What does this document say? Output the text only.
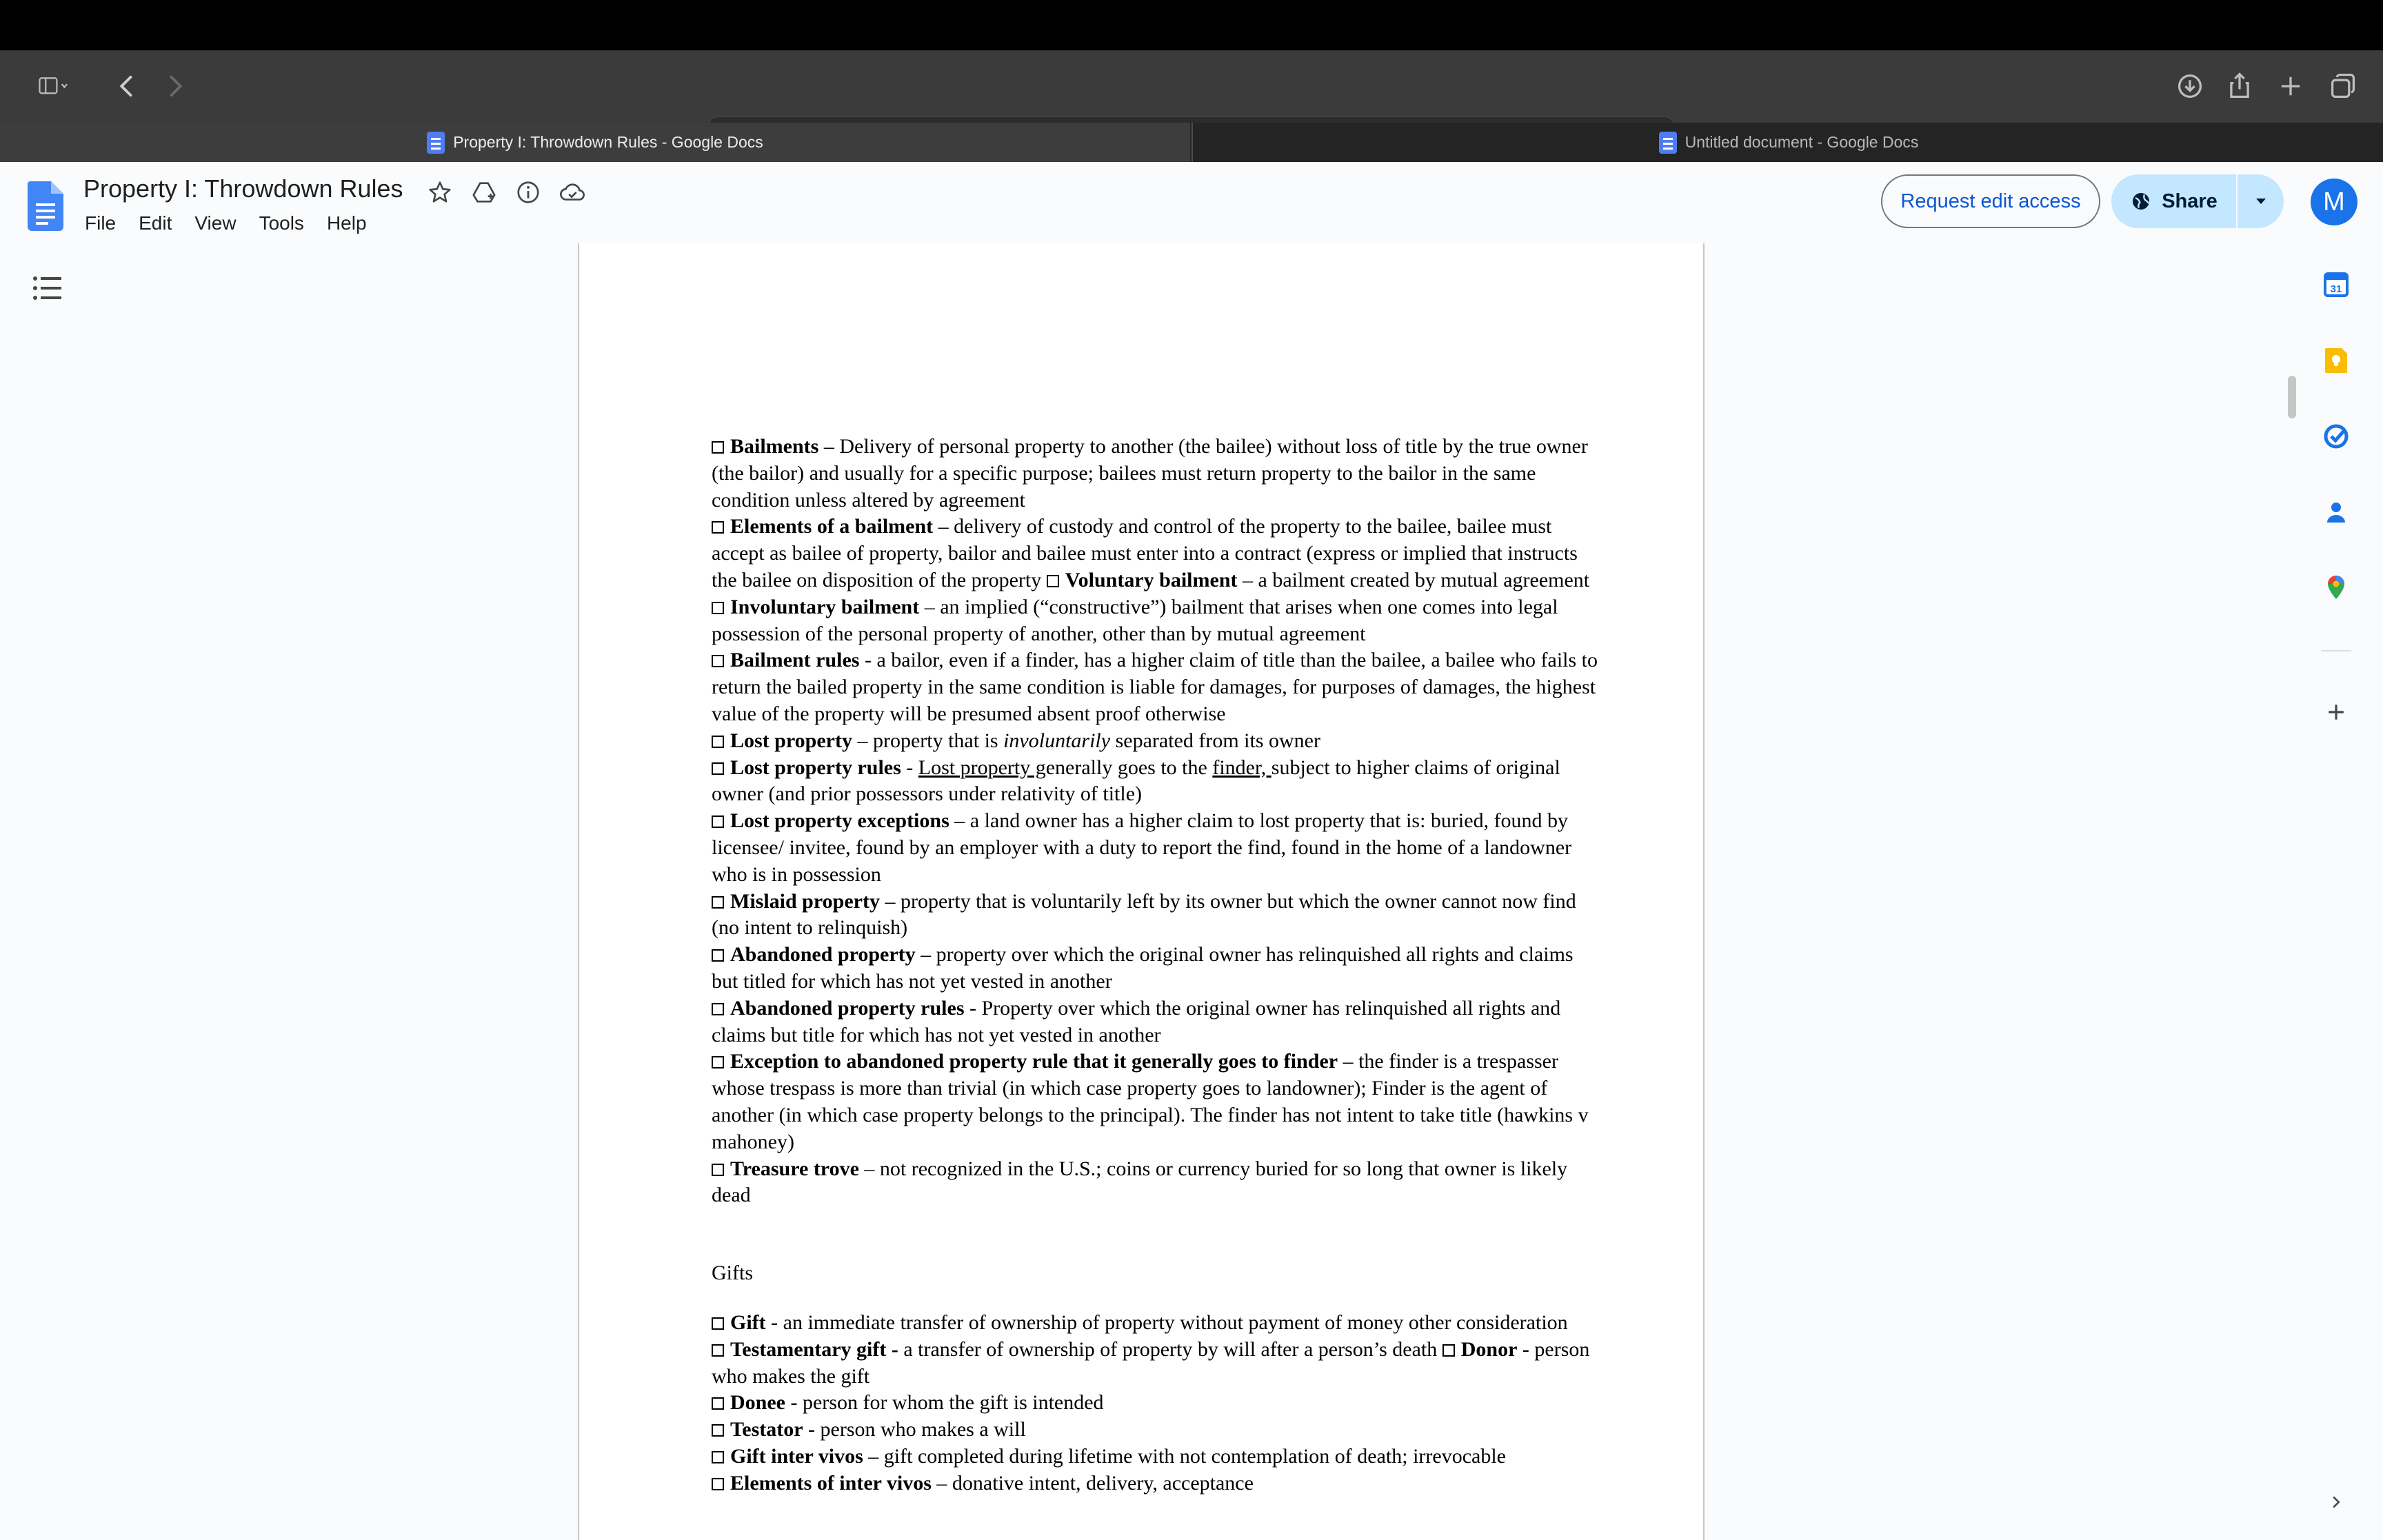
Property I: Throwdown Rules - Google Docs	Untitled document - Google Docs
Property I: Throwdown Rules
File Edit View Tools Help
Request edit access	Share	M

Bailments – Delivery of personal property to another (the bailee) without loss of title by the true owner (the bailor) and usually for a specific purpose; bailees must return property to the bailor in the same condition unless altered by agreement

Elements of a bailment – delivery of custody and control of the property to the bailee, bailee must accept as bailee of property, bailor and bailee must enter into a contract (express or implied that instructs the bailee on disposition of the property Voluntary bailment – a bailment created by mutual agreement

Involuntary bailment – an implied (“constructive”) bailment that arises when one comes into legal possession of the personal property of another, other than by mutual agreement

Bailment rules - a bailor, even if a finder, has a higher claim of title than the bailee, a bailee who fails to return the bailed property in the same condition is liable for damages, for purposes of damages, the highest value of the property will be presumed absent proof otherwise

Lost property – property that is involuntarily separated from its owner

Lost property rules - Lost property generally goes to the finder, subject to higher claims of original owner (and prior possessors under relativity of title)

Lost property exceptions – a land owner has a higher claim to lost property that is: buried, found by licensee/ invitee, found by an employer with a duty to report the find, found in the home of a landowner who is in possession

Mislaid property – property that is voluntarily left by its owner but which the owner cannot now find (no intent to relinquish)

Abandoned property – property over which the original owner has relinquished all rights and claims but titled for which has not yet vested in another

Abandoned property rules - Property over which the original owner has relinquished all rights and claims but title for which has not yet vested in another

Exception to abandoned property rule that it generally goes to finder – the finder is a trespasser whose trespass is more than trivial (in which case property goes to landowner); Finder is the agent of another (in which case property belongs to the principal). The finder has not intent to take title (hawkins v mahoney)

Treasure trove – not recognized in the U.S.; coins or currency buried for so long that owner is likely dead

Gifts

Gift - an immediate transfer of ownership of property without payment of money other consideration

Testamentary gift - a transfer of ownership of property by will after a person’s death Donor - person who makes the gift

Donee - person for whom the gift is intended

Testator - person who makes a will

Gift inter vivos – gift completed during lifetime with not contemplation of death; irrevocable

Elements of inter vivos – donative intent, delivery, acceptance

31
